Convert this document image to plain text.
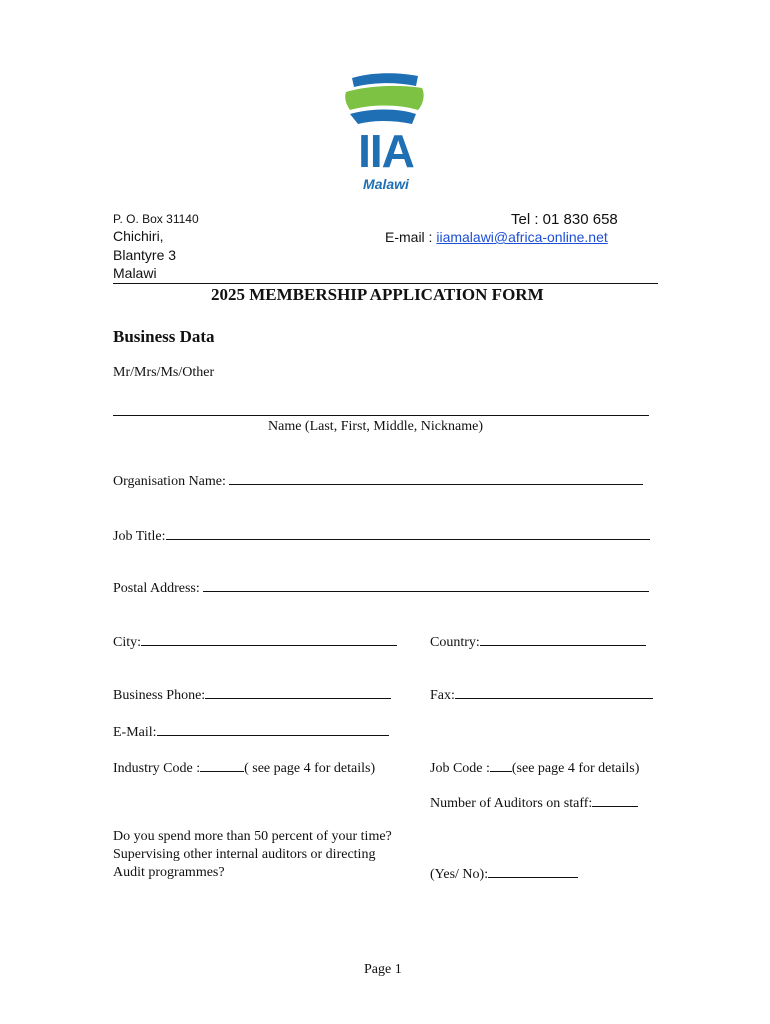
IIA
Malawi
P. O. Box 31140
Chichiri,
Blantyre 3
Malawi
Tel : 01 830 658
E-mail : iiamalawi@africa-online.net
2025 MEMBERSHIP APPLICATION FORM
Business Data
Mr/Mrs/Ms/Other
Name (Last, First, Middle, Nickname)
Organisation Name:
Job Title:
Postal Address:
City:	Country:
Business Phone:	Fax:
E-Mail:
Industry Code :	( see page 4 for details)	Job Code : (see page 4 for details)
Number of Auditors on staff:
Do you spend more than 50 percent of your time?
Supervising other internal auditors or directing
Audit programmes?	(Yes/ No):
Page 1
